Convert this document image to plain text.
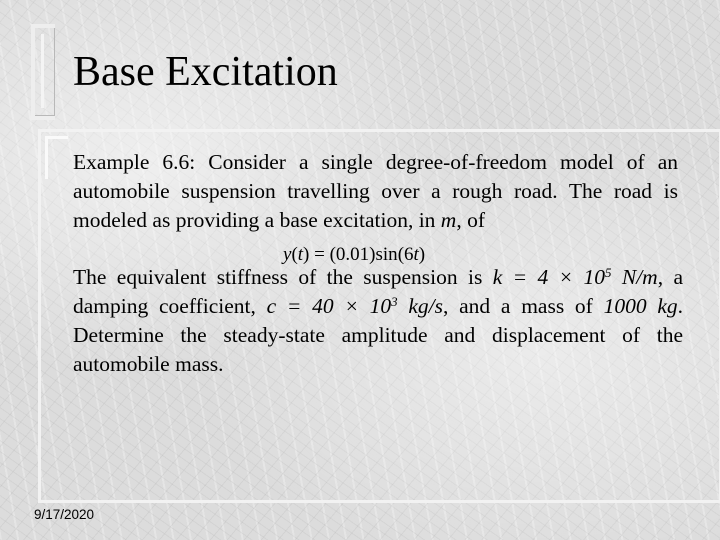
Base Excitation

Example 6.6: Consider a single degree-of-freedom model of an automobile suspension travelling over a rough road. The road is modeled as providing a base excitation, in m, of

y(t) = (0.01)sin(6t)

The equivalent stiffness of the suspension is $k = 4 \times 10^5$ N/m, a damping coefficient, $c = 40 \times 10^3$ kg/s, and a mass of 1000 kg. Determine the steady-state amplitude and displacement of the automobile mass.

9/17/2020
